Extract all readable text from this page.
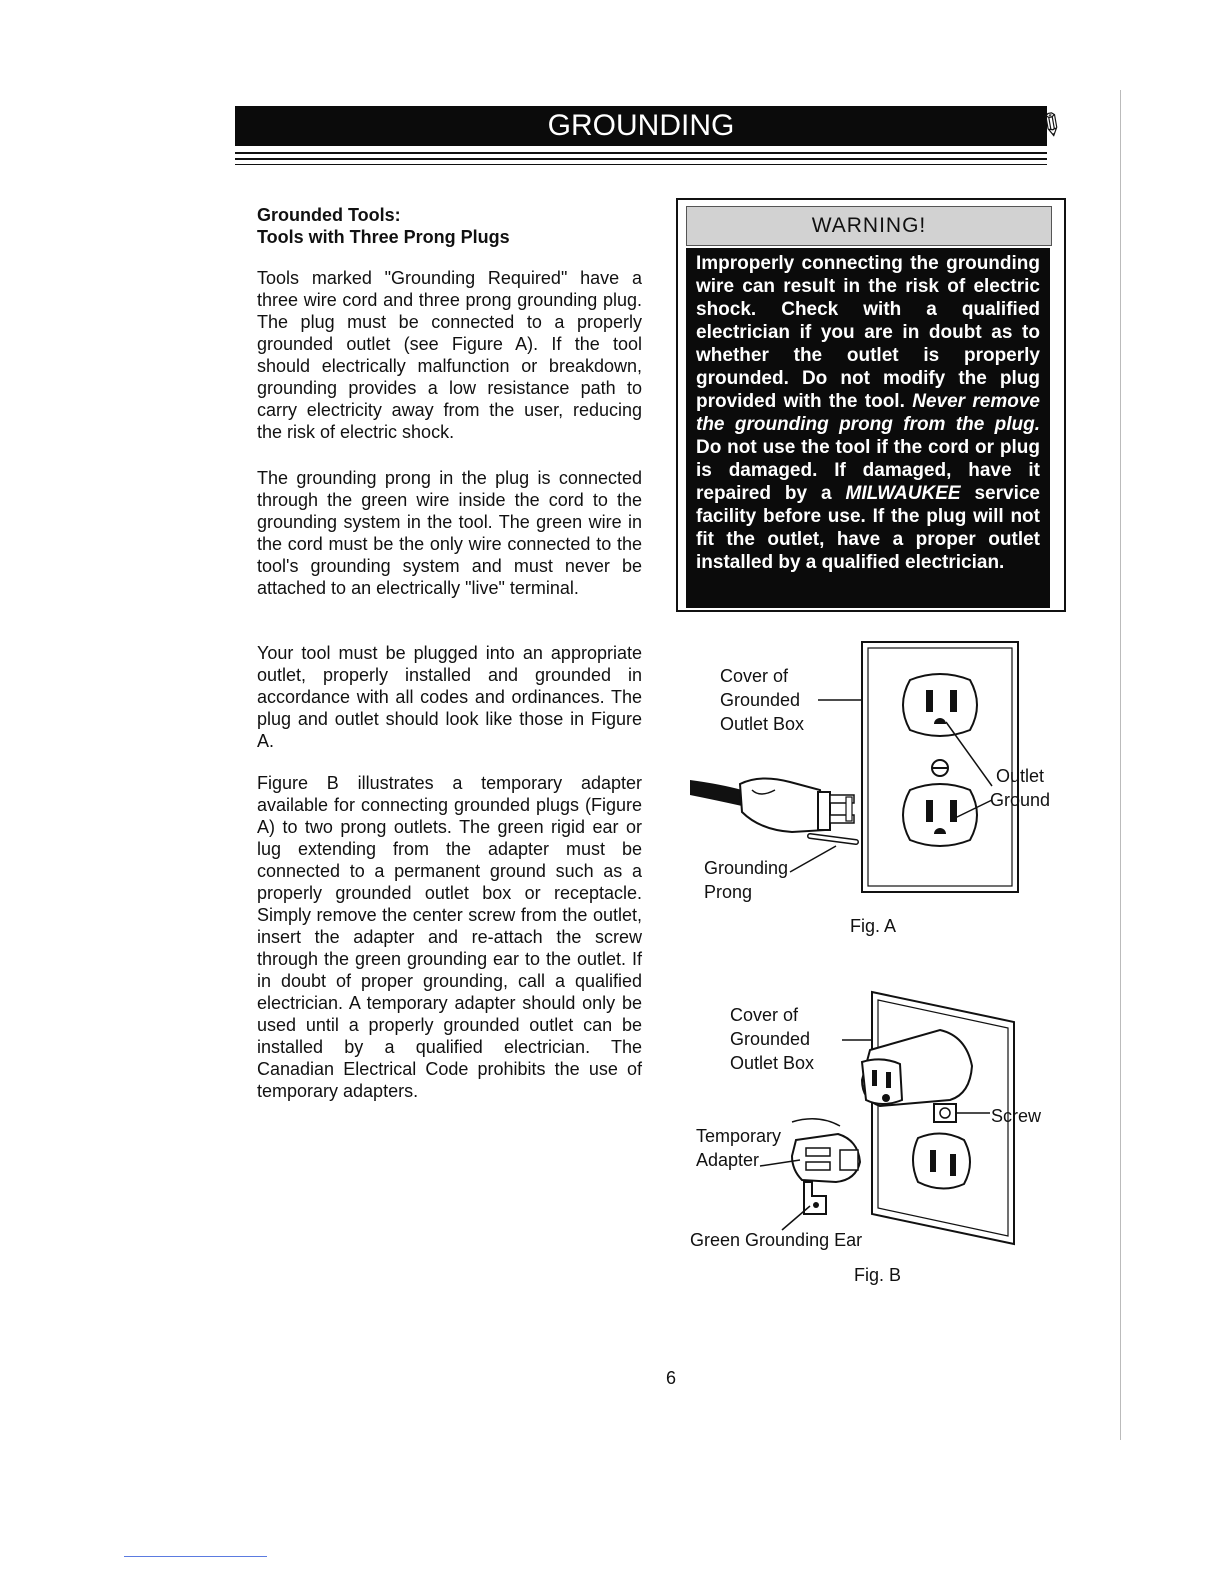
GROUNDING	✎
Grounded Tools:
Tools with Three Prong Plugs

Tools marked "Grounding Required" have a three wire cord and three prong grounding plug. The plug must be connected to a properly grounded outlet (see Figure A). If the tool should electrically malfunction or breakdown, grounding provides a low resistance path to carry electricity away from the user, reducing the risk of electric shock.

The grounding prong in the plug is connected through the green wire inside the cord to the grounding system in the tool. The green wire in the cord must be the only wire connected to the tool's grounding system and must never be attached to an electrically "live" terminal.

Your tool must be plugged into an appropriate outlet, properly installed and grounded in accordance with all codes and ordinances. The plug and outlet should look like those in Figure A.

Figure B illustrates a temporary adapter available for connecting grounded plugs (Figure A) to two prong outlets. The green rigid ear or lug extending from the adapter must be connected to a permanent ground such as a properly grounded outlet box or receptacle. Simply remove the center screw from the outlet, insert the adapter and re-attach the screw through the green grounding ear to the outlet. If in doubt of proper grounding, call a qualified electrician. A temporary adapter should only be used until a properly grounded outlet can be installed by a qualified electrician. The Canadian Electrical Code prohibits the use of temporary adapters.

WARNING!

Improperly connecting the grounding wire can result in the risk of electric shock. Check with a qualified electrician if you are in doubt as to whether the outlet is properly grounded. Do not modify the plug provided with the tool. Never remove the grounding prong from the plug. Do not use the tool if the cord or plug is damaged. If damaged, have it repaired by a MILWAUKEE service facility before use. If the plug will not fit the outlet, have a proper outlet installed by a qualified electrician.

Cover of
Grounded
Outlet Box
Outlet
Ground
Grounding
Prong
Fig. A
Cover of
Grounded
Outlet Box
Screw
Temporary
Adapter
Green Grounding Ear
Fig. B
6
